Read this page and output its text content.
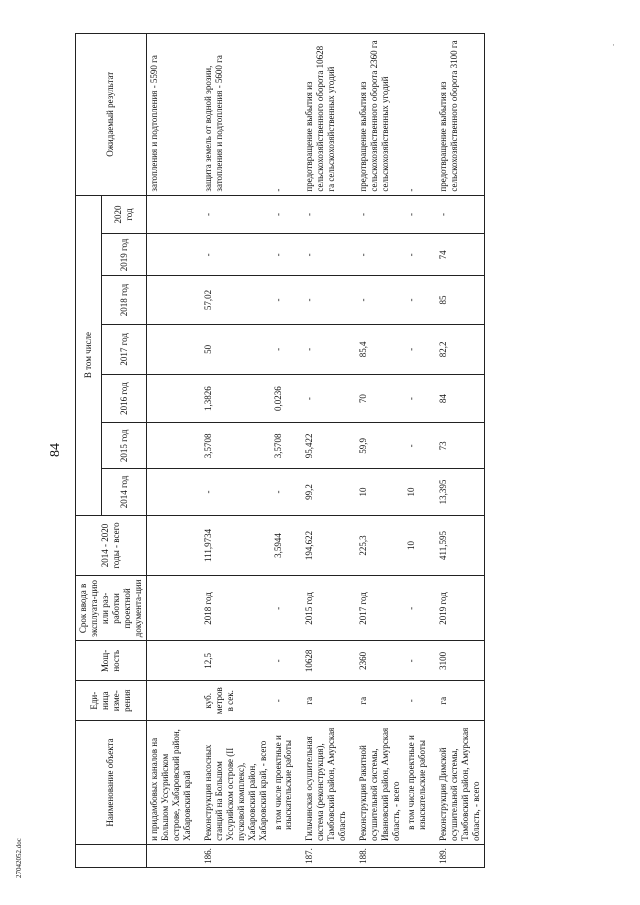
84
27042052.doc
·
	Наименование объекта	Еди-ница изме-рения	Мощ-ность	Срок ввода в эксплуата-цию или раз-работки проектной документа-ции	2014 - 2020 годы - всего	В том числе							Ожидаемый результат
						2014 год	2015 год	2016 год	2017 год	2018 год	2019 год	2020 год	
	и придамбовых каналов на Большом Уссурийском острове, Хабаровский район, Хабаровский край												затопления и подтопления - 5590 га
186.	Реконструкция насосных станций на Большом Уссурийском острове (II пусковой комплекс), Хабаровский район, Хабаровский край, - всего	куб. метров в сек.	12,5	2018 год	111,9734	-	3,5708	1,3826	50	57,02	-	-	защита земель от водной эрозии, затопления и подтопления - 5600 га
	в том числе проектные и изыскательские работы	-	-	-	3,5944	-	3,5708	0,0236	-	-	-	-	-
187.	Гильчинская осушительная система (реконструкция), Тамбовский район, Амурская область	га	10628	2015 год	194,622	99,2	95,422	-	-	-	-	-	предотвращение выбытия из сельскохозяйственного оборота 10628 га сельскохозяйственных угодий
188.	Реконструкция Ракитной осушительной системы, Ивановский район, Амурская область, - всего	га	2360	2017 год	225,3	10	59,9	70	85,4	-	-	-	предотвращение выбытия из сельскохозяйственного оборота 2360 га сельскохозяйственных угодий
	в том числе проектные и изыскательские работы	-	-	-	10	10	-	-	-	-	-	-	-
189.	Реконструкция Димской осушительной системы, Тамбовский район, Амурская область, - всего	га	3100	2019 год	411,595	13,395	73	84	82,2	85	74	-	предотвращение выбытия из сельскохозяйственного оборота 3100 га
